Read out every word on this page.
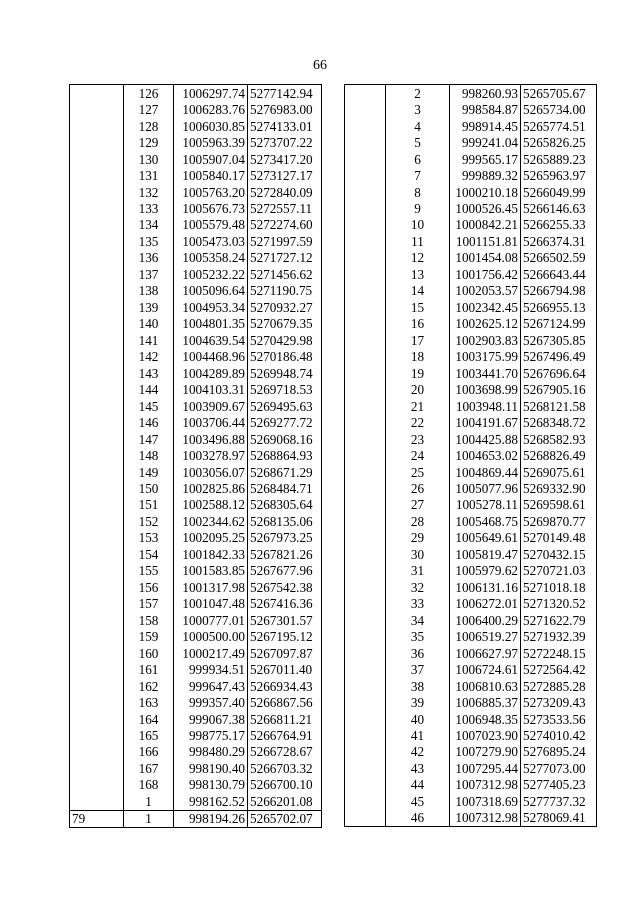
66
	126	1006297.74	5277142.94
	127	1006283.76	5276983.00
	128	1006030.85	5274133.01
	129	1005963.39	5273707.22
	130	1005907.04	5273417.20
	131	1005840.17	5273127.17
	132	1005763.20	5272840.09
	133	1005676.73	5272557.11
	134	1005579.48	5272274.60
	135	1005473.03	5271997.59
	136	1005358.24	5271727.12
	137	1005232.22	5271456.62
	138	1005096.64	5271190.75
	139	1004953.34	5270932.27
	140	1004801.35	5270679.35
	141	1004639.54	5270429.98
	142	1004468.96	5270186.48
	143	1004289.89	5269948.74
	144	1004103.31	5269718.53
	145	1003909.67	5269495.63
	146	1003706.44	5269277.72
	147	1003496.88	5269068.16
	148	1003278.97	5268864.93
	149	1003056.07	5268671.29
	150	1002825.86	5268484.71
	151	1002588.12	5268305.64
	152	1002344.62	5268135.06
	153	1002095.25	5267973.25
	154	1001842.33	5267821.26
	155	1001583.85	5267677.96
	156	1001317.98	5267542.38
	157	1001047.48	5267416.36
	158	1000777.01	5267301.57
	159	1000500.00	5267195.12
	160	1000217.49	5267097.87
	161	999934.51	5267011.40
	162	999647.43	5266934.43
	163	999357.40	5266867.56
	164	999067.38	5266811.21
	165	998775.17	5266764.91
	166	998480.29	5266728.67
	167	998190.40	5266703.32
	168	998130.79	5266700.10
	1	998162.52	5266201.08
79	1	998194.26	5265702.07
	2	998260.93	5265705.67
	3	998584.87	5265734.00
	4	998914.45	5265774.51
	5	999241.04	5265826.25
	6	999565.17	5265889.23
	7	999889.32	5265963.97
	8	1000210.18	5266049.99
	9	1000526.45	5266146.63
	10	1000842.21	5266255.33
	11	1001151.81	5266374.31
	12	1001454.08	5266502.59
	13	1001756.42	5266643.44
	14	1002053.57	5266794.98
	15	1002342.45	5266955.13
	16	1002625.12	5267124.99
	17	1002903.83	5267305.85
	18	1003175.99	5267496.49
	19	1003441.70	5267696.64
	20	1003698.99	5267905.16
	21	1003948.11	5268121.58
	22	1004191.67	5268348.72
	23	1004425.88	5268582.93
	24	1004653.02	5268826.49
	25	1004869.44	5269075.61
	26	1005077.96	5269332.90
	27	1005278.11	5269598.61
	28	1005468.75	5269870.77
	29	1005649.61	5270149.48
	30	1005819.47	5270432.15
	31	1005979.62	5270721.03
	32	1006131.16	5271018.18
	33	1006272.01	5271320.52
	34	1006400.29	5271622.79
	35	1006519.27	5271932.39
	36	1006627.97	5272248.15
	37	1006724.61	5272564.42
	38	1006810.63	5272885.28
	39	1006885.37	5273209.43
	40	1006948.35	5273533.56
	41	1007023.90	5274010.42
	42	1007279.90	5276895.24
	43	1007295.44	5277073.00
	44	1007312.98	5277405.23
	45	1007318.69	5277737.32
	46	1007312.98	5278069.41
